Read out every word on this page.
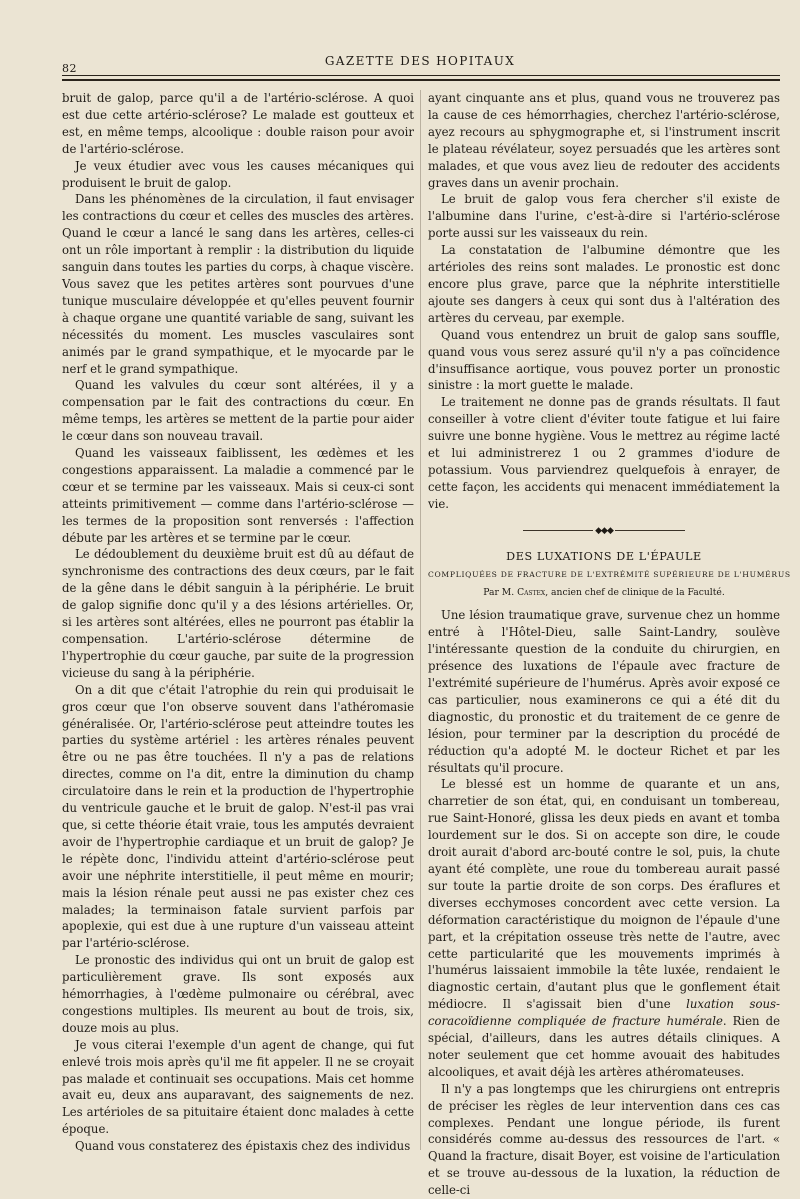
82
GAZETTE DES HOPITAUX

bruit de galop, parce qu'il a de l'artério-sclérose. A quoi est due cette artério-sclérose? Le malade est goutteux et est, en même temps, alcoolique : double raison pour avoir de l'artério-sclérose.

Je veux étudier avec vous les causes mécaniques qui produisent le bruit de galop.

Dans les phénomènes de la circulation, il faut envisager les contractions du cœur et celles des muscles des artères. Quand le cœur a lancé le sang dans les artères, celles-ci ont un rôle important à remplir : la distribution du liquide sanguin dans toutes les parties du corps, à chaque viscère. Vous savez que les petites artères sont pourvues d'une tunique musculaire développée et qu'elles peuvent fournir à chaque organe une quantité variable de sang, suivant les nécessités du moment. Les muscles vasculaires sont animés par le grand sympathique, et le myocarde par le nerf et le grand sympathique.

Quand les valvules du cœur sont altérées, il y a compensation par le fait des contractions du cœur. En même temps, les artères se mettent de la partie pour aider le cœur dans son nouveau travail.

Quand les vaisseaux faiblissent, les œdèmes et les congestions apparaissent. La maladie a commencé par le cœur et se termine par les vaisseaux. Mais si ceux-ci sont atteints primitivement — comme dans l'artério-sclérose — les termes de la proposition sont renversés : l'affection débute par les artères et se termine par le cœur.

Le dédoublement du deuxième bruit est dû au défaut de synchronisme des contractions des deux cœurs, par le fait de la gêne dans le débit sanguin à la périphérie. Le bruit de galop signifie donc qu'il y a des lésions artérielles. Or, si les artères sont altérées, elles ne pourront pas établir la compensation. L'artério-sclérose détermine de l'hypertrophie du cœur gauche, par suite de la progression vicieuse du sang à la périphérie.

On a dit que c'était l'atrophie du rein qui produisait le gros cœur que l'on observe souvent dans l'athéromasie généralisée. Or, l'artério-sclérose peut atteindre toutes les parties du système artériel : les artères rénales peuvent être ou ne pas être touchées. Il n'y a pas de relations directes, comme on l'a dit, entre la diminution du champ circulatoire dans le rein et la production de l'hypertrophie du ventricule gauche et le bruit de galop. N'est-il pas vrai que, si cette théorie était vraie, tous les amputés devraient avoir de l'hypertrophie cardiaque et un bruit de galop? Je le répète donc, l'individu atteint d'artério-sclérose peut avoir une néphrite interstitielle, il peut même en mourir; mais la lésion rénale peut aussi ne pas exister chez ces malades; la terminaison fatale survient parfois par apoplexie, qui est due à une rupture d'un vaisseau atteint par l'artério-sclérose.

Le pronostic des individus qui ont un bruit de galop est particulièrement grave. Ils sont exposés aux hémorrhagies, à l'œdème pulmonaire ou cérébral, avec congestions multiples. Ils meurent au bout de trois, six, douze mois au plus.

Je vous citerai l'exemple d'un agent de change, qui fut enlevé trois mois après qu'il me fit appeler. Il ne se croyait pas malade et continuait ses occupations. Mais cet homme avait eu, deux ans auparavant, des saignements de nez. Les artérioles de sa pituitaire étaient donc malades à cette époque.

Quand vous constaterez des épistaxis chez des individus

ayant cinquante ans et plus, quand vous ne trouverez pas la cause de ces hémorrhagies, cherchez l'artério-sclérose, ayez recours au sphygmographe et, si l'instrument inscrit le plateau révélateur, soyez persuadés que les artères sont malades, et que vous avez lieu de redouter des accidents graves dans un avenir prochain.

Le bruit de galop vous fera chercher s'il existe de l'albumine dans l'urine, c'est-à-dire si l'artério-sclérose porte aussi sur les vaisseaux du rein.

La constatation de l'albumine démontre que les artérioles des reins sont malades. Le pronostic est donc encore plus grave, parce que la néphrite interstitielle ajoute ses dangers à ceux qui sont dus à l'altération des artères du cerveau, par exemple.

Quand vous entendrez un bruit de galop sans souffle, quand vous vous serez assuré qu'il n'y a pas coïncidence d'insuffisance aortique, vous pouvez porter un pronostic sinistre : la mort guette le malade.

Le traitement ne donne pas de grands résultats. Il faut conseiller à votre client d'éviter toute fatigue et lui faire suivre une bonne hygiène. Vous le mettrez au régime lacté et lui administrerez 1 ou 2 grammes d'iodure de potassium. Vous parviendrez quelquefois à enrayer, de cette façon, les accidents qui menacent immédiatement la vie.

◆◆◆
DES LUXATIONS DE L'ÉPAULE
COMPLIQUÉES DE FRACTURE DE L'EXTRÉMITÉ SUPÉRIEURE DE L'HUMÉRUS
Par M. Castex, ancien chef de clinique de la Faculté.

Une lésion traumatique grave, survenue chez un homme entré à l'Hôtel-Dieu, salle Saint-Landry, soulève l'intéressante question de la conduite du chirurgien, en présence des luxations de l'épaule avec fracture de l'extrémité supérieure de l'humérus. Après avoir exposé ce cas particulier, nous examinerons ce qui a été dit du diagnostic, du pronostic et du traitement de ce genre de lésion, pour terminer par la description du procédé de réduction qu'a adopté M. le docteur Richet et par les résultats qu'il procure.

Le blessé est un homme de quarante et un ans, charretier de son état, qui, en conduisant un tombereau, rue Saint-Honoré, glissa les deux pieds en avant et tomba lourdement sur le dos. Si on accepte son dire, le coude droit aurait d'abord arc-bouté contre le sol, puis, la chute ayant été complète, une roue du tombereau aurait passé sur toute la partie droite de son corps. Des éraflures et diverses ecchymoses concordent avec cette version. La déformation caractéristique du moignon de l'épaule d'une part, et la crépitation osseuse très nette de l'autre, avec cette particularité que les mouvements imprimés à l'humérus laissaient immobile la tête luxée, rendaient le diagnostic certain, d'autant plus que le gonflement était médiocre. Il s'agissait bien d'une luxation sous-coracoïdienne compliquée de fracture humérale. Rien de spécial, d'ailleurs, dans les autres détails cliniques. A noter seulement que cet homme avouait des habitudes alcooliques, et avait déjà les artères athéromateuses.

Il n'y a pas longtemps que les chirurgiens ont entrepris de préciser les règles de leur intervention dans ces cas complexes. Pendant une longue période, ils furent considérés comme au-dessus des ressources de l'art. « Quand la fracture, disait Boyer, est voisine de l'articulation et se trouve au-dessous de la luxation, la réduction de celle-ci
